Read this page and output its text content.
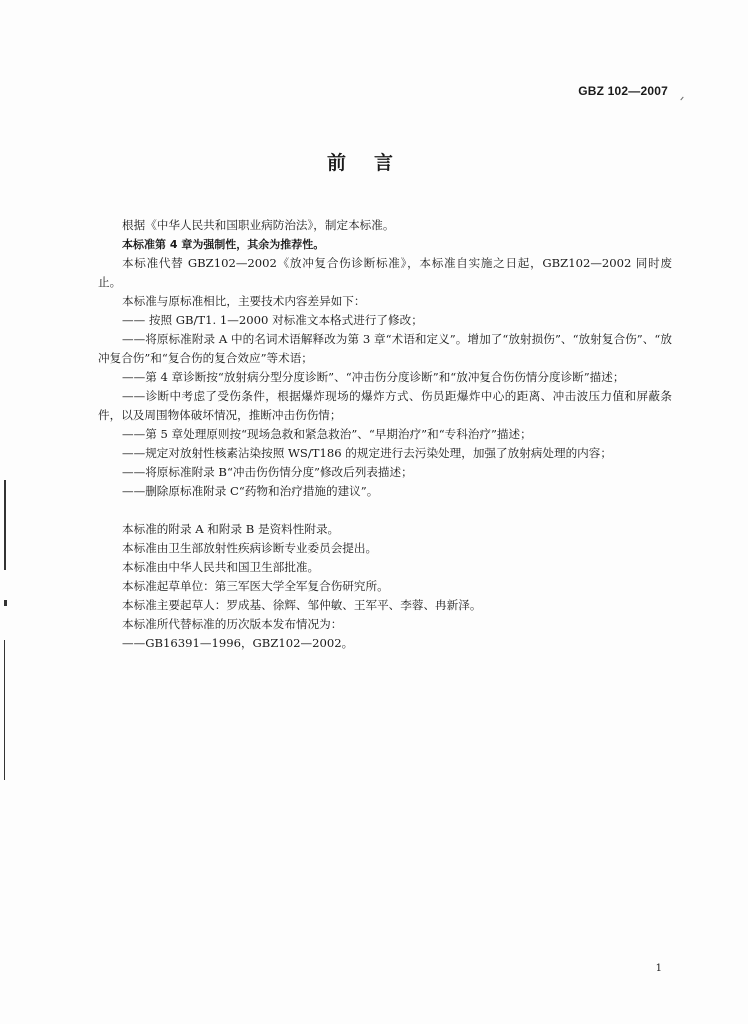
GBZ 102—2007
前言

根据《中华人民共和国职业病防治法》，制定本标准。

本标准第 4 章为强制性，其余为推荐性。

本标准代替 GBZ102—2002《放冲复合伤诊断标准》，本标准自实施之日起，GBZ102—2002 同时废止。

本标准与原标准相比，主要技术内容差异如下：

—— 按照 GB/T1. 1—2000 对标准文本格式进行了修改；

——将原标准附录 A 中的名词术语解释改为第 3 章“术语和定义”。增加了“放射损伤”、“放射复合伤”、“放冲复合伤”和“复合伤的复合效应”等术语；

——第 4 章诊断按“放射病分型分度诊断”、“冲击伤分度诊断”和“放冲复合伤伤情分度诊断”描述；

——诊断中考虑了受伤条件，根据爆炸现场的爆炸方式、伤员距爆炸中心的距离、冲击波压力值和屏蔽条件，以及周围物体破坏情况，推断冲击伤伤情；

——第 5 章处理原则按“现场急救和紧急救治”、“早期治疗”和“专科治疗”描述；

——规定对放射性核素沾染按照 WS/T186 的规定进行去污染处理，加强了放射病处理的内容；

——将原标准附录 B“冲击伤伤情分度”修改后列表描述；

——删除原标准附录 C“药物和治疗措施的建议”。

本标准的附录 A 和附录 B 是资料性附录。

本标准由卫生部放射性疾病诊断专业委员会提出。

本标准由中华人民共和国卫生部批准。

本标准起草单位：第三军医大学全军复合伤研究所。

本标准主要起草人：罗成基、徐辉、邹仲敏、王军平、李蓉、冉新泽。

本标准所代替标准的历次版本发布情况为：

——GB16391—1996，GBZ102—2002。

1
